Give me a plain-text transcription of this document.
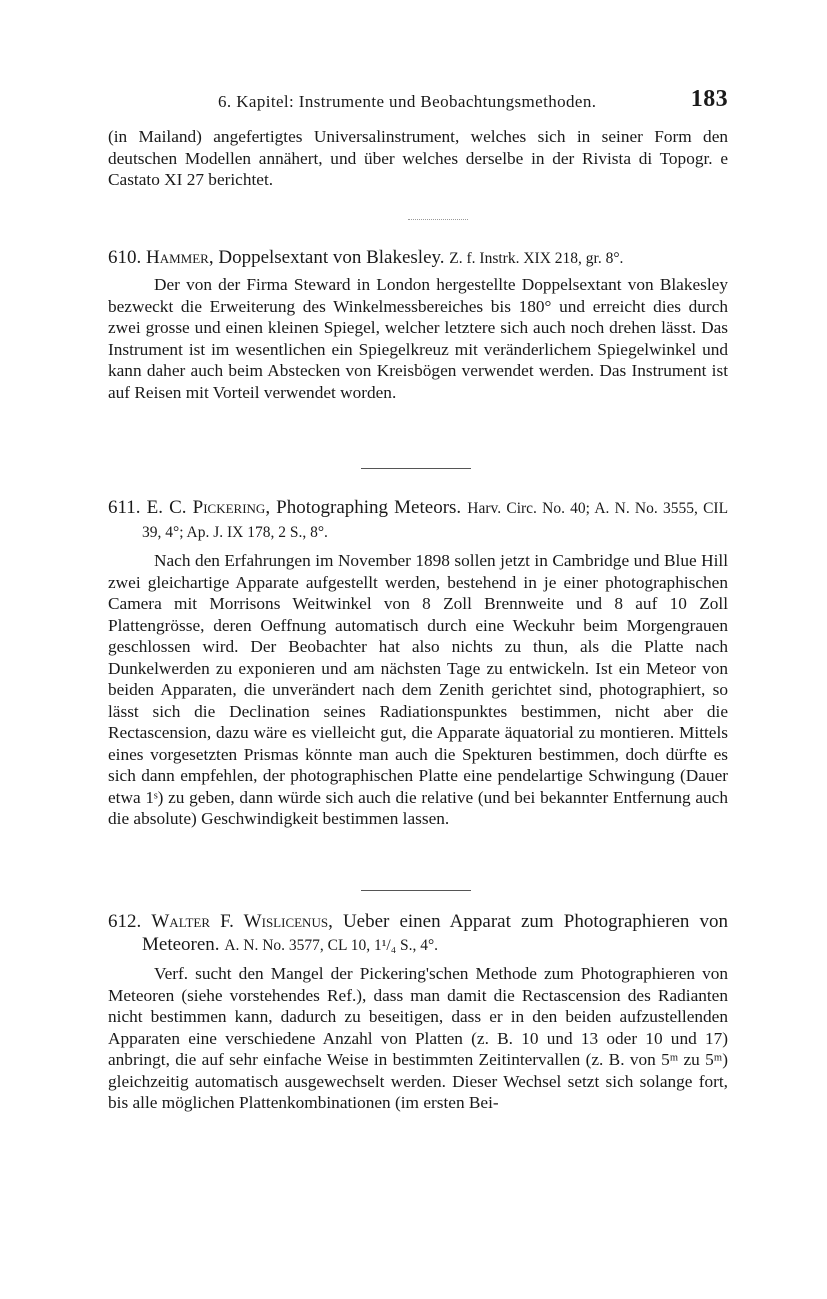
6. Kapitel: Instrumente und Beobachtungsmethoden.	183

(in Mailand) angefertigtes Universalinstrument, welches sich in seiner Form den deutschen Modellen annähert, und über welches derselbe in der Rivista di Topogr. e Castato XI 27 berichtet.

610. Hammer, Doppelsextant von Blakesley. Z. f. Instrk. XIX 218, gr. 8°.

Der von der Firma Steward in London hergestellte Doppelsextant von Blakesley bezweckt die Erweiterung des Winkelmessbereiches bis 180° und erreicht dies durch zwei grosse und einen kleinen Spiegel, welcher letztere sich auch noch drehen lässt. Das Instrument ist im wesentlichen ein Spiegelkreuz mit veränderlichem Spiegelwinkel und kann daher auch beim Abstecken von Kreisbögen verwendet werden. Das Instrument ist auf Reisen mit Vorteil verwendet worden.

611. E. C. Pickering, Photographing Meteors. Harv. Circ. No. 40; A. N. No. 3555, CIL 39, 4°; Ap. J. IX 178, 2 S., 8°.

Nach den Erfahrungen im November 1898 sollen jetzt in Cambridge und Blue Hill zwei gleichartige Apparate aufgestellt werden, bestehend in je einer photographischen Camera mit Morrisons Weitwinkel von 8 Zoll Brennweite und 8 auf 10 Zoll Plattengrösse, deren Oeffnung automatisch durch eine Weckuhr beim Morgengrauen geschlossen wird. Der Beobachter hat also nichts zu thun, als die Platte nach Dunkelwerden zu exponieren und am nächsten Tage zu entwickeln. Ist ein Meteor von beiden Apparaten, die unverändert nach dem Zenith gerichtet sind, photographiert, so lässt sich die Declination seines Radiationspunktes bestimmen, nicht aber die Rectascension, dazu wäre es vielleicht gut, die Apparate äquatorial zu montieren. Mittels eines vorgesetzten Prismas könnte man auch die Spekturen bestimmen, doch dürfte es sich dann empfehlen, der photographischen Platte eine pendelartige Schwingung (Dauer etwa 1ˢ) zu geben, dann würde sich auch die relative (und bei bekannter Entfernung auch die absolute) Geschwindigkeit bestimmen lassen.

612. Walter F. Wislicenus, Ueber einen Apparat zum Photographieren von Meteoren. A. N. No. 3577, CL 10, 1¹/₄ S., 4°.

Verf. sucht den Mangel der Pickering'schen Methode zum Photographieren von Meteoren (siehe vorstehendes Ref.), dass man damit die Rectascension des Radianten nicht bestimmen kann, dadurch zu beseitigen, dass er in den beiden aufzustellenden Apparaten eine verschiedene Anzahl von Platten (z. B. 10 und 13 oder 10 und 17) anbringt, die auf sehr einfache Weise in bestimmten Zeitintervallen (z. B. von 5ᵐ zu 5ᵐ) gleichzeitig automatisch ausgewechselt werden. Dieser Wechsel setzt sich solange fort, bis alle möglichen Plattenkombinationen (im ersten Bei-
